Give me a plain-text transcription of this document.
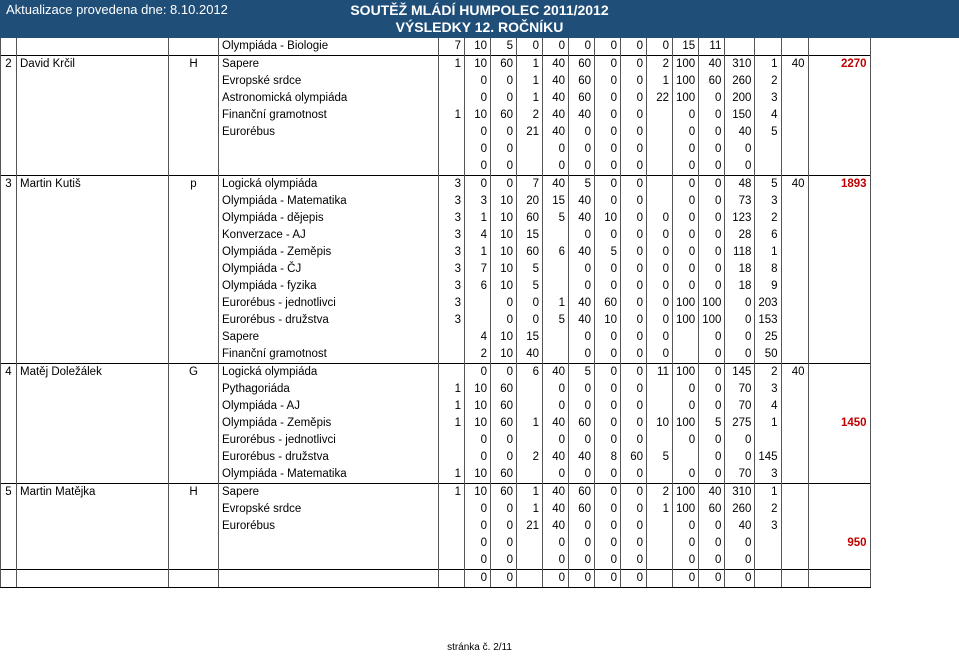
Aktualizace provedena dne: 8.10.2012	SOUTĚŽ MLÁDÍ HUMPOLEC 2011/2012
VÝSLEDKY 12. ROČNÍKU
			Olympiáda - Biologie	7	10	5	0	0	0	0	0	0	15	11				
2	David Krčil	H	Sapere	1	10	60	1	40	60	0	0	2	100	40	310	1	40	2270
			Evropské srdce		0	0	1	40	60	0	0	1	100	60	260	2		
			Astronomická olympiáda		0	0	1	40	60	0	0	22	100	0	200	3		
			Finanční gramotnost	1	10	60	2	40	40	0	0		0	0	150	4		
			Eurorébus		0	0	21	40	0	0	0		0	0	40	5		
					0	0		0	0	0	0		0	0	0			
					0	0		0	0	0	0		0	0	0			
3	Martin Kutiš	p	Logická olympiáda	3	0	0	7	40	5	0	0		0	0	48	5	40	1893
			Olympiáda - Matematika	3	3	10	20	15	40	0	0		0	0	73	3		
			Olympiáda - dějepis	3	1	10	60	5	40	10	0	0	0	0	123	2		
			Konverzace - AJ	3	4	10	15		0	0	0	0	0	0	28	6		
			Olympiáda - Zeměpis	3	1	10	60	6	40	5	0	0	0	0	118	1		
			Olympiáda - ČJ	3	7	10	5		0	0	0	0	0	0	18	8		
			Olympiáda - fyzika	3	6	10	5		0	0	0	0	0	0	18	9		
			Eurorébus - jednotlivci	3		0	0	1	40	60	0	0	100	100	0	203		
			Eurorébus - družstva	3		0	0	5	40	10	0	0	100	100	0	153		
			Sapere		4	10	15		0	0	0	0		0	0	25		
			Finanční gramotnost		2	10	40		0	0	0	0		0	0	50		
4	Matěj Doležálek	G	Logická olympiáda		0	0	6	40	5	0	0	11	100	0	145	2	40	
			Pythagoriáda	1	10	60		0	0	0	0		0	0	70	3		
			Olympiáda - AJ	1	10	60		0	0	0	0		0	0	70	4		
			Olympiáda - Zeměpis	1	10	60	1	40	60	0	0	10	100	5	275	1		1450
			Eurorébus - jednotlivci		0	0		0	0	0	0		0	0	0			
			Eurorébus - družstva		0	0	2	40	40	8	60	5		0	0	145		
			Olympiáda - Matematika	1	10	60		0	0	0	0		0	0	70	3		
5	Martin Matějka	H	Sapere	1	10	60	1	40	60	0	0	2	100	40	310	1		
			Evropské srdce		0	0	1	40	60	0	0	1	100	60	260	2		
			Eurorébus		0	0	21	40	0	0	0		0	0	40	3		
					0	0		0	0	0	0		0	0	0			950
					0	0		0	0	0	0		0	0	0			
					0	0		0	0	0	0		0	0	0			
stránka č. 2/11
